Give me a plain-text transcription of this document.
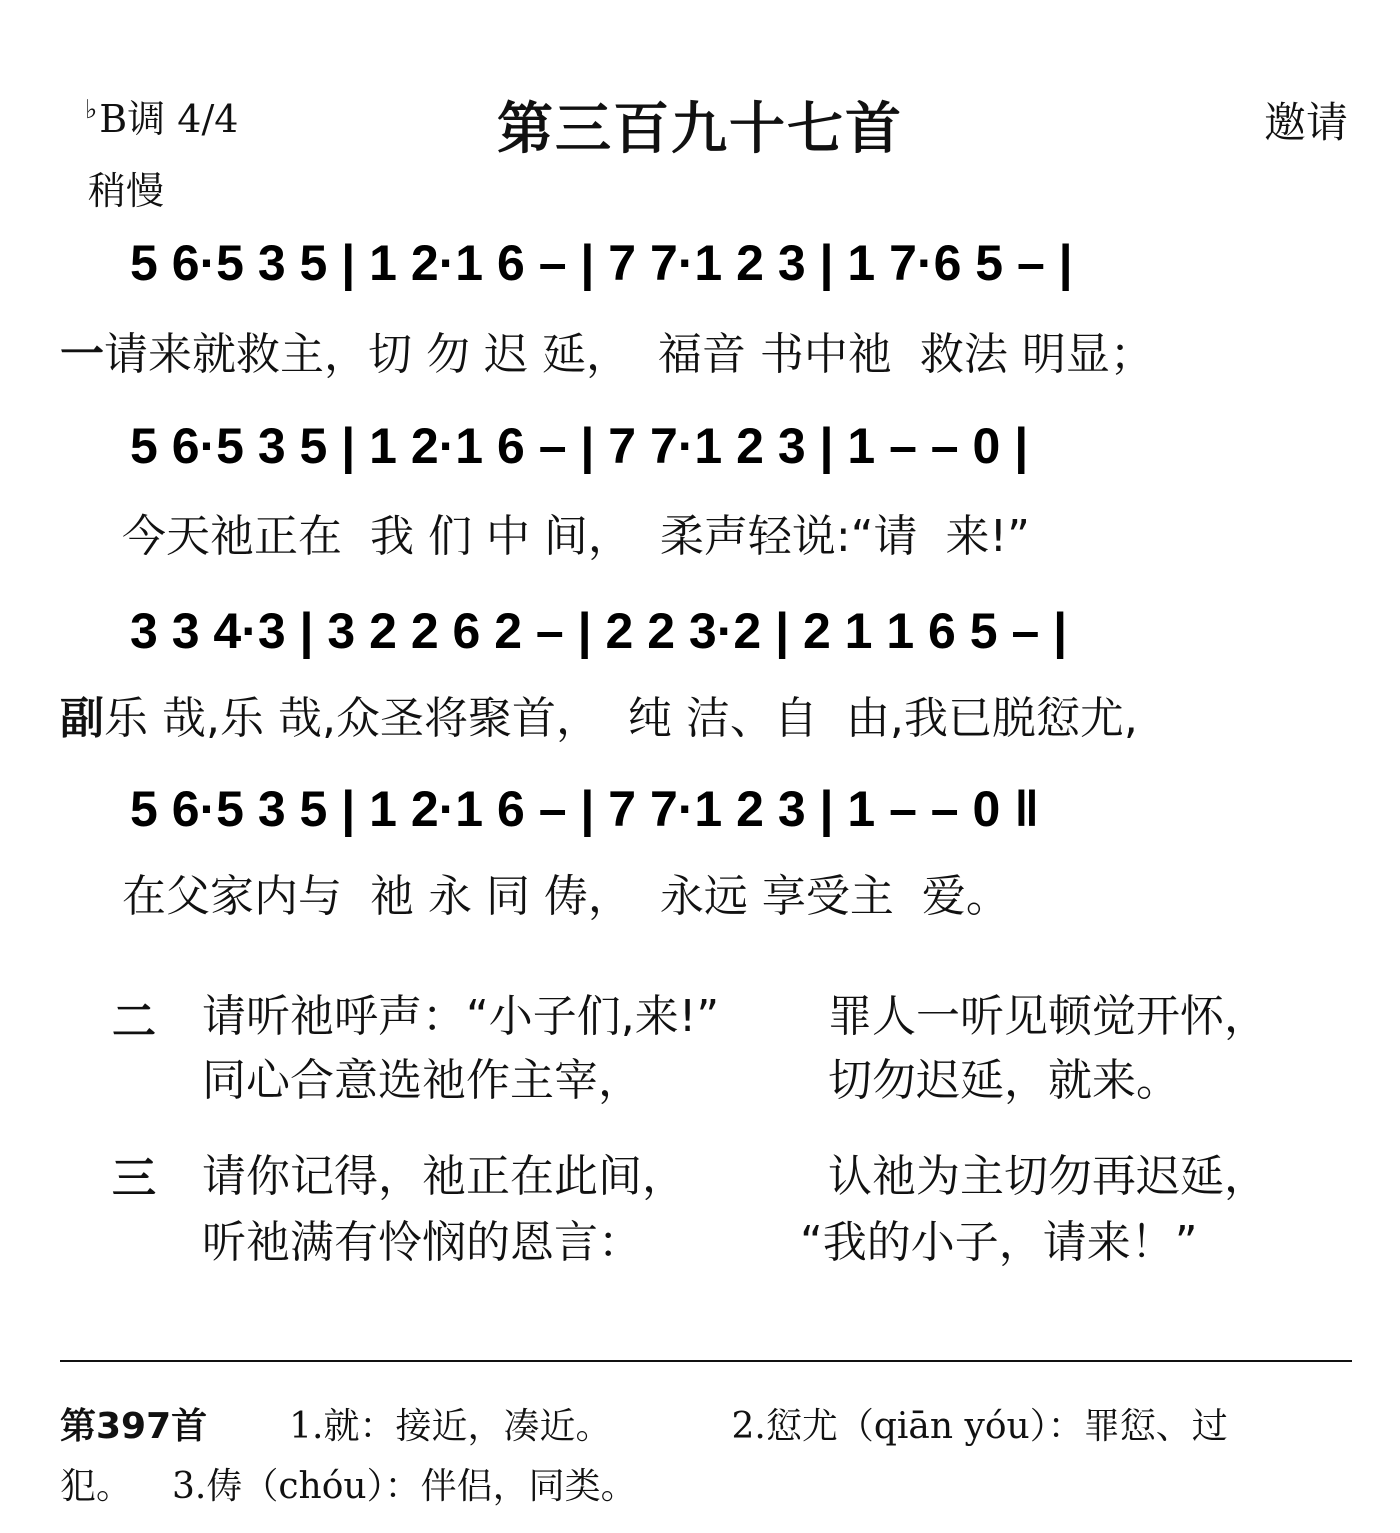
♭B调 4/4
稍慢
第三百九十七首	邀请

5 6·5 3 5 | 1 2·1 6 – | 7 7·1 2 3 | 1 7·6 5 – |

一请来就救主，切 勿 迟 延，  福音 书中祂  救法 明显；

5 6·5 3 5 | 1 2·1 6 – | 7 7·1 2 3 | 1 – – 0 |

今天祂正在  我 们 中 间，  柔声轻说:“请  来!”

3 3 4·3 | 3 2 2 6 2 – | 2 2 3·2 | 2 1 1 6 5 – |

副乐 哉,乐 哉,众圣将聚首，  纯 洁、自  由,我已脱愆尤,

5 6·5 3 5 | 1 2·1 6 – | 7 7·1 2 3 | 1 – – 0 ‖

在父家内与  祂 永 同 俦，  永远 享受主  爱。
二 请听祂呼声：“小子们,来!” 罪人一听见顿觉开怀，
同心合意选祂作主宰，	切勿迟延，就来。
三 请你记得，祂正在此间，	认祂为主切勿再迟延，
听祂满有怜悯的恩言：	“我的小子，请来！”
第397首 1.就：接近，凑近。	2.愆尤（qiān yóu）：罪愆、过
犯。 3.俦（chóu）：伴侣，同类。
